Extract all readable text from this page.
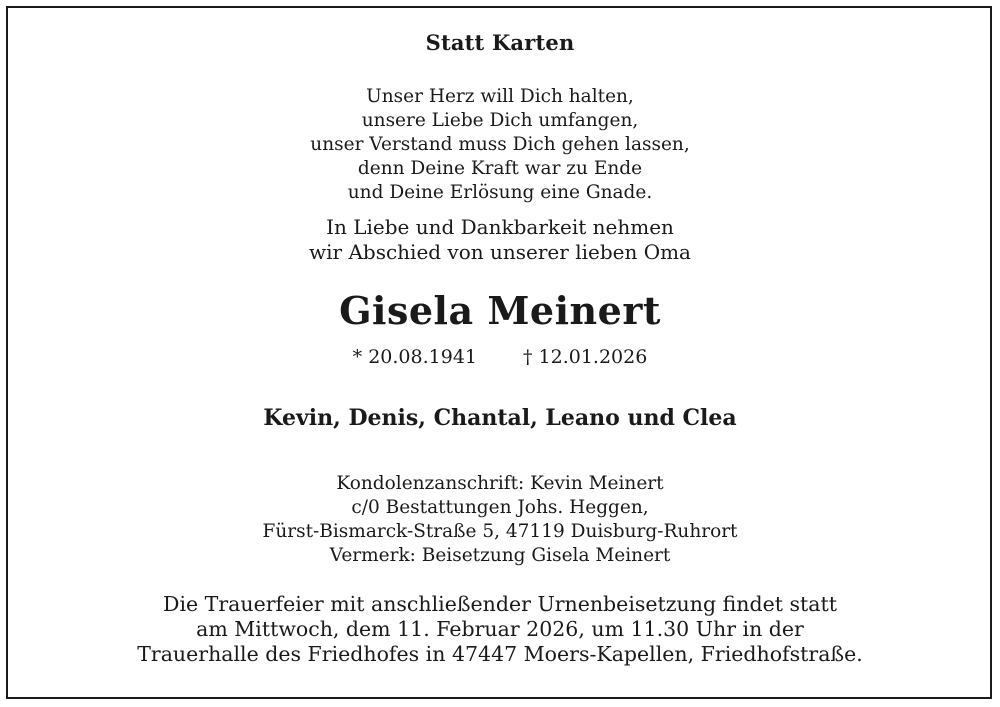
Statt Karten
Unser Herz will Dich halten,
unsere Liebe Dich umfangen,
unser Verstand muss Dich gehen lassen,
denn Deine Kraft war zu Ende
und Deine Erlösung eine Gnade.
In Liebe und Dankbarkeit nehmen
wir Abschied von unserer lieben Oma
Gisela Meinert
* 20.08.1941 † 12.01.2026
Kevin, Denis, Chantal, Leano und Clea
Kondolenzanschrift: Kevin Meinert
c/0 Bestattungen Johs. Heggen,
Fürst-Bismarck-Straße 5, 47119 Duisburg-Ruhrort
Vermerk: Beisetzung Gisela Meinert
Die Trauerfeier mit anschließender Urnenbeisetzung findet statt
am Mittwoch, dem 11. Februar 2026, um 11.30 Uhr in der
Trauerhalle des Friedhofes in 47447 Moers-Kapellen, Friedhofstraße.
